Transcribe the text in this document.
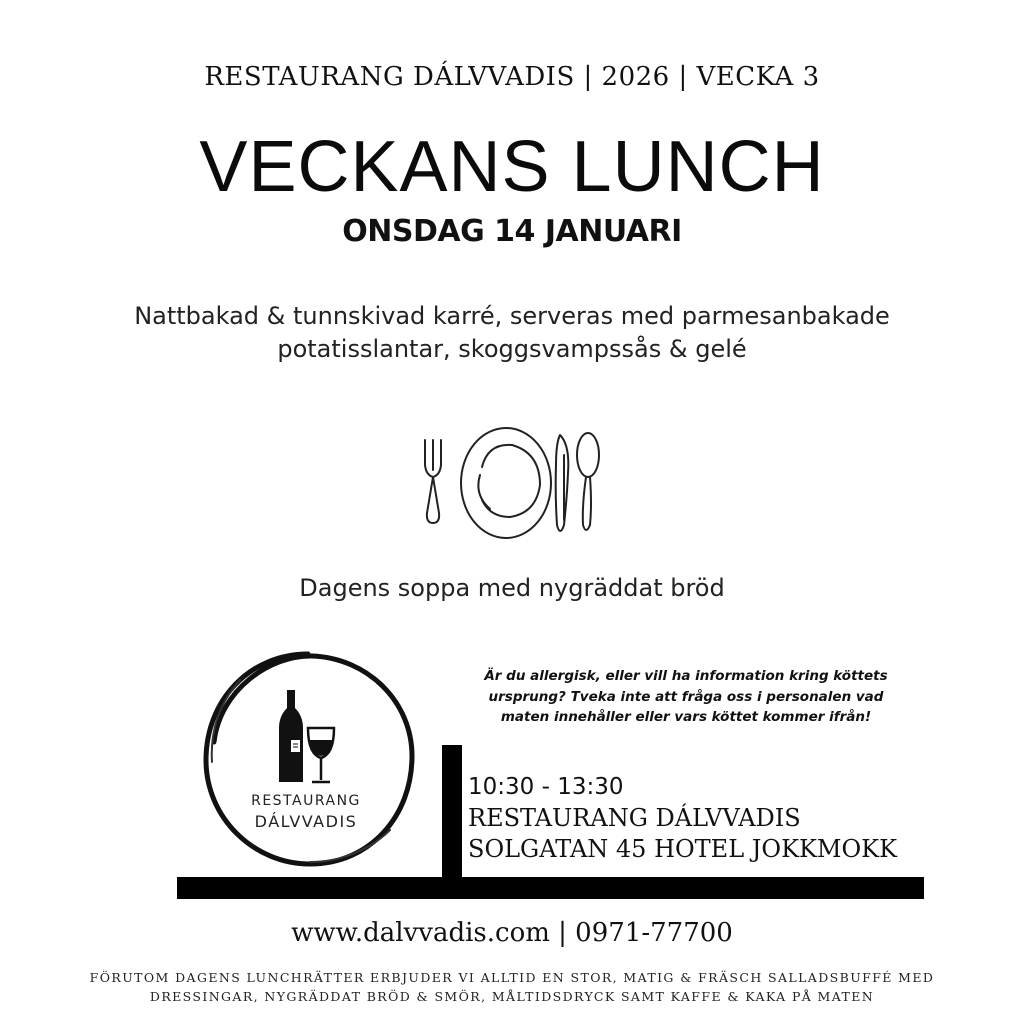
RESTAURANG DÁLVVADIS | 2026 | VECKA 3
VECKANS LUNCH
ONSDAG 14 JANUARI
Nattbakad & tunnskivad karré, serveras med parmesanbakade
potatisslantar, skoggsvampssås & gelé
Dagens soppa med nygräddat bröd
RESTAURANG
DÁLVVADIS
Är du allergisk, eller vill ha information kring köttets
ursprung? Tveka inte att fråga oss i personalen vad
maten innehåller eller vars köttet kommer ifrån!
10:30 - 13:30
RESTAURANG DÁLVVADIS
SOLGATAN 45 HOTEL JOKKMOKK
www.dalvvadis.com | 0971-77700
FÖRUTOM DAGENS LUNCHRÄTTER ERBJUDER VI ALLTID EN STOR, MATIG & FRÄSCH SALLADSBUFFÉ MED
DRESSINGAR, NYGRÄDDAT BRÖD & SMÖR, MÅLTIDSDRYCK SAMT KAFFE & KAKA PÅ MATEN
